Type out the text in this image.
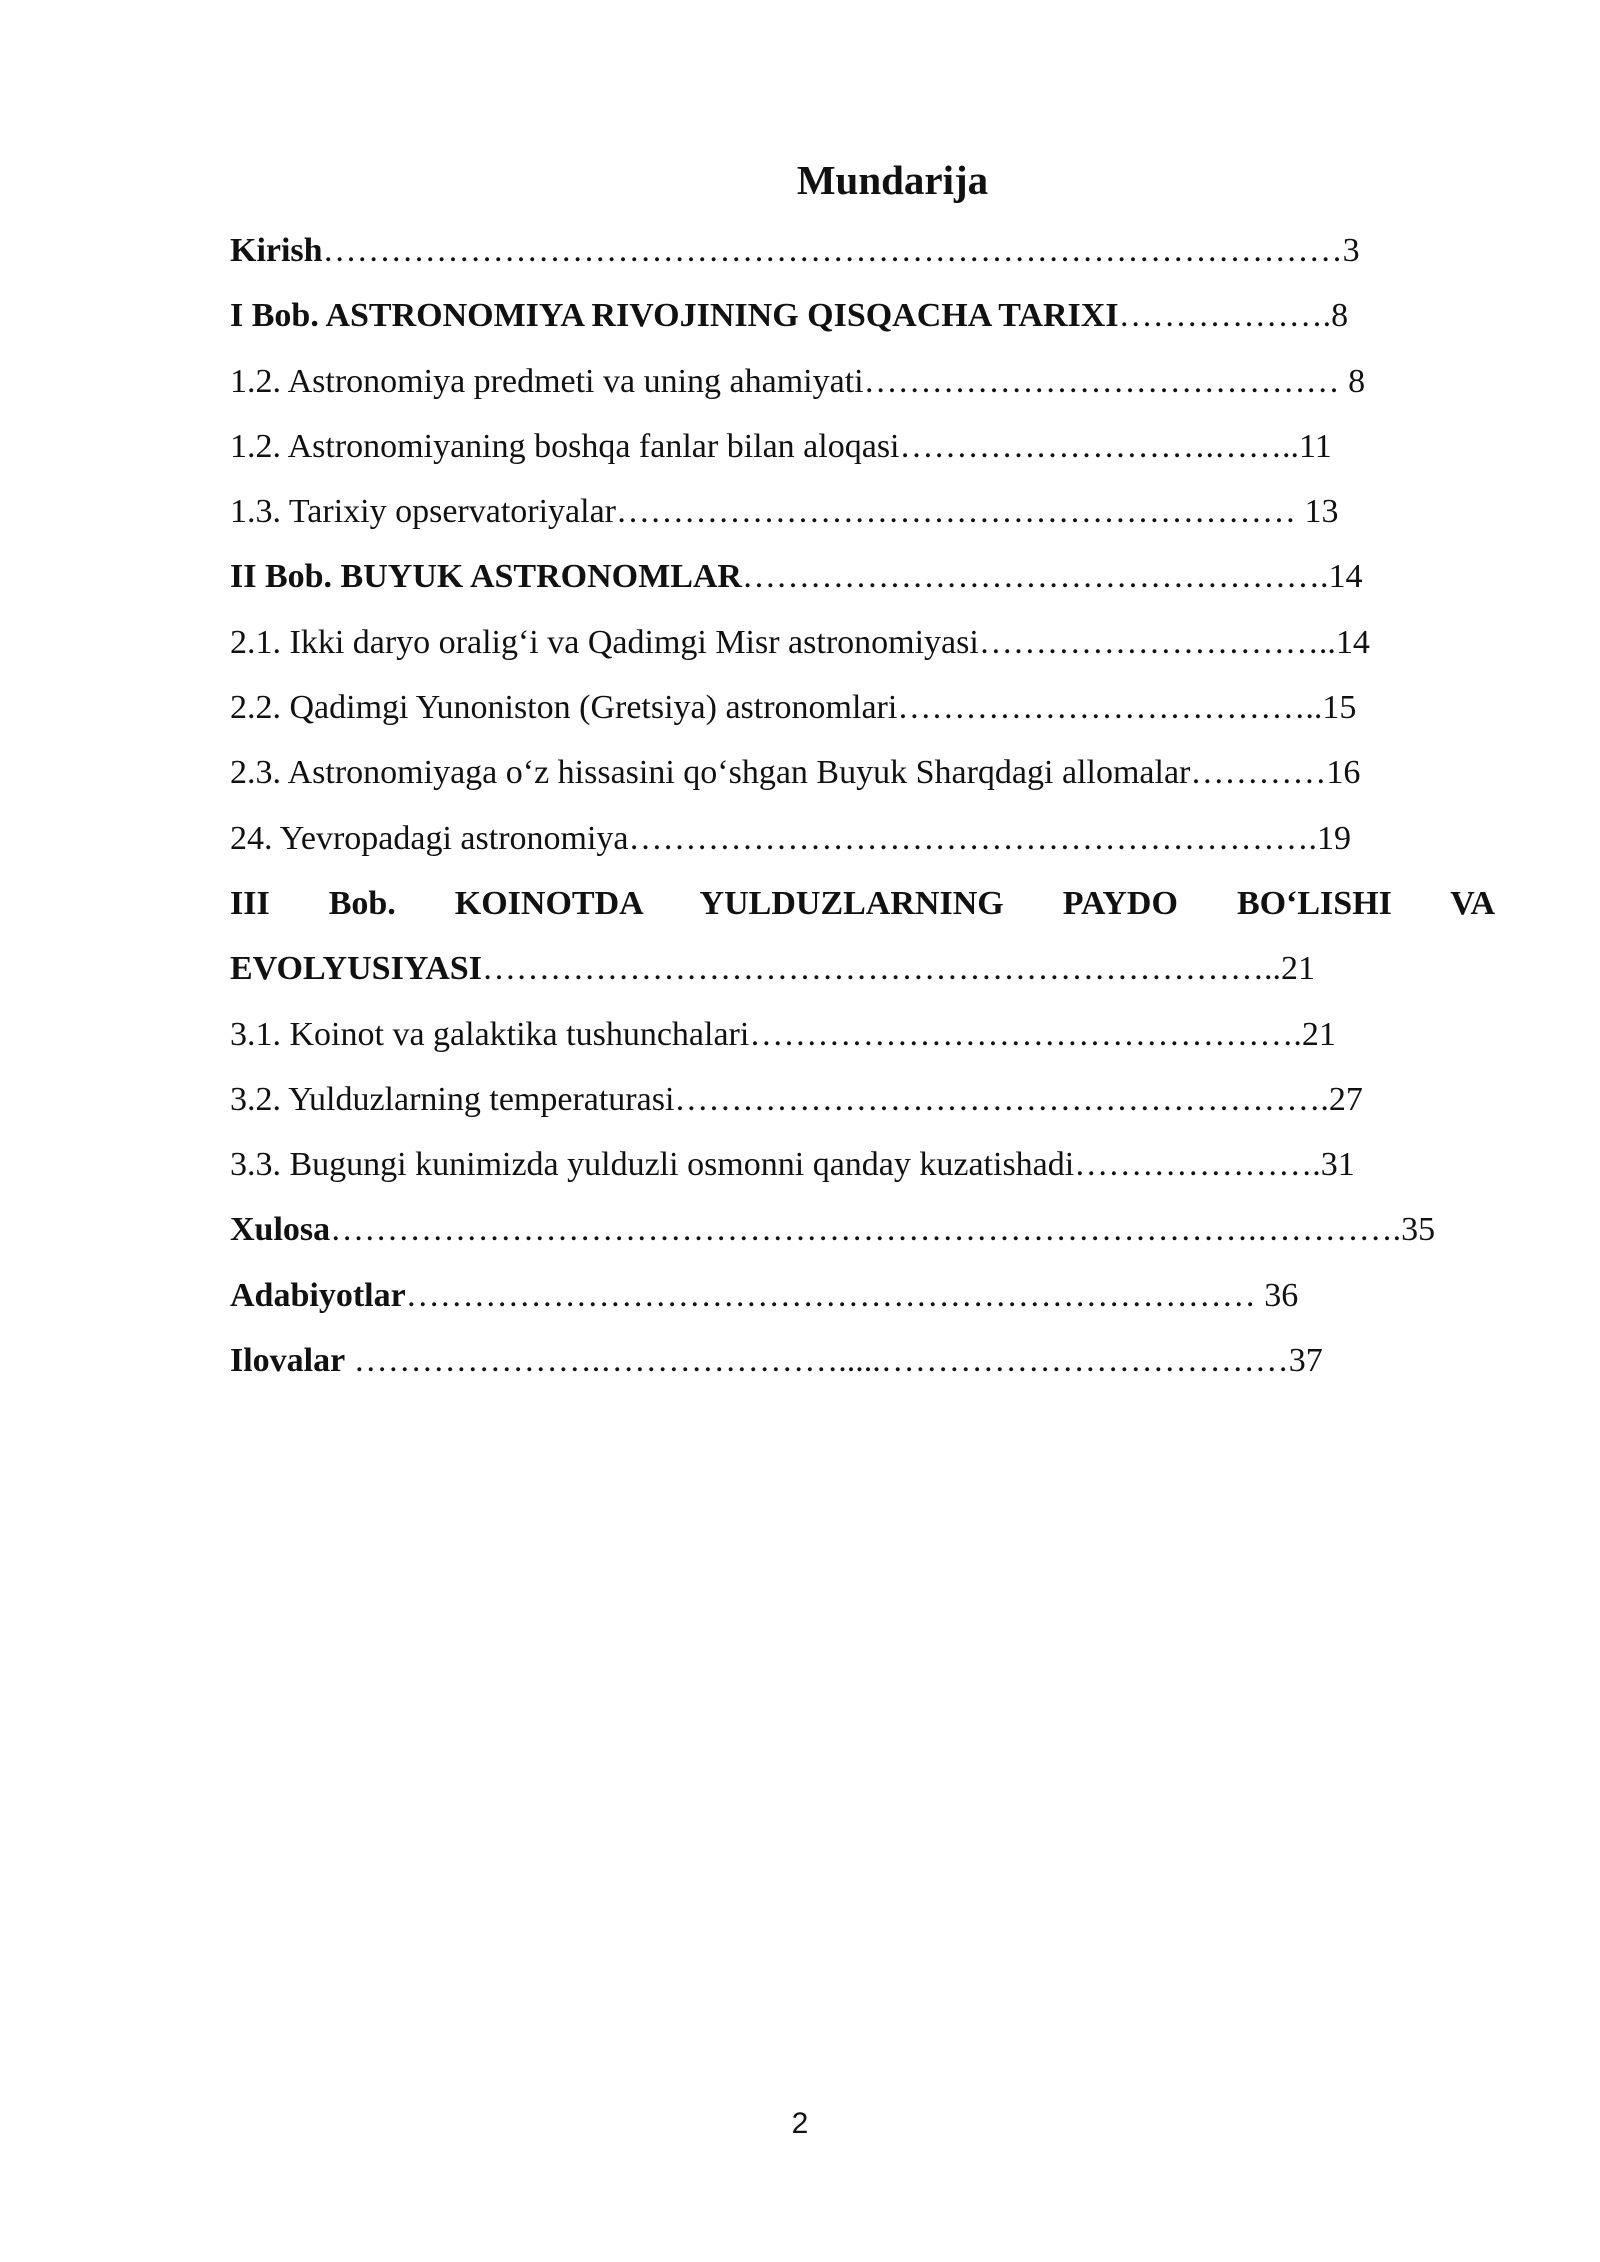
Mundarija
Kirish………………………………………………………………………………3
I Bob. ASTRONOMIYA RIVOJINING QISQACHA TARIXI……………….8
1.2. Astronomiya predmeti va uning ahamiyati…………………………………… 8
1.2. Astronomiyaning boshqa fanlar bilan aloqasi……………………….……..11
1.3. Tarixiy opservatoriyalar…………………………………………………… 13
II Bob. BUYUK ASTRONOMLAR…………………………………………….14
2.1. Ikki daryo oralig‘i va Qadimgi Misr astronomiyasi…………………………..14
2.2. Qadimgi Yunoniston (Gretsiya) astronomlari………………………………..15
2.3. Astronomiyaga o‘z hissasini qo‘shgan Buyuk Sharqdagi allomalar…………16
24. Yevropadagi astronomiya…………………………………………………….19
III Bob. KOINOTDA YULDUZLARNING PAYDO BO‘LISHI VA EVOLYUSIYASI……………………………………………………………..21
3.1. Koinot va galaktika tushunchalari………………………………………….21
3.2. Yulduzlarning temperaturasi………………………………………………….27
3.3. Bugungi kunimizda yulduzli osmonni qanday kuzatishadi………………….31
Xulosa……………………………………………………………………….………….35
Adabiyotlar………………………………………………………………… 36
Ilovalar ………………….………………….....………………………………37
2
